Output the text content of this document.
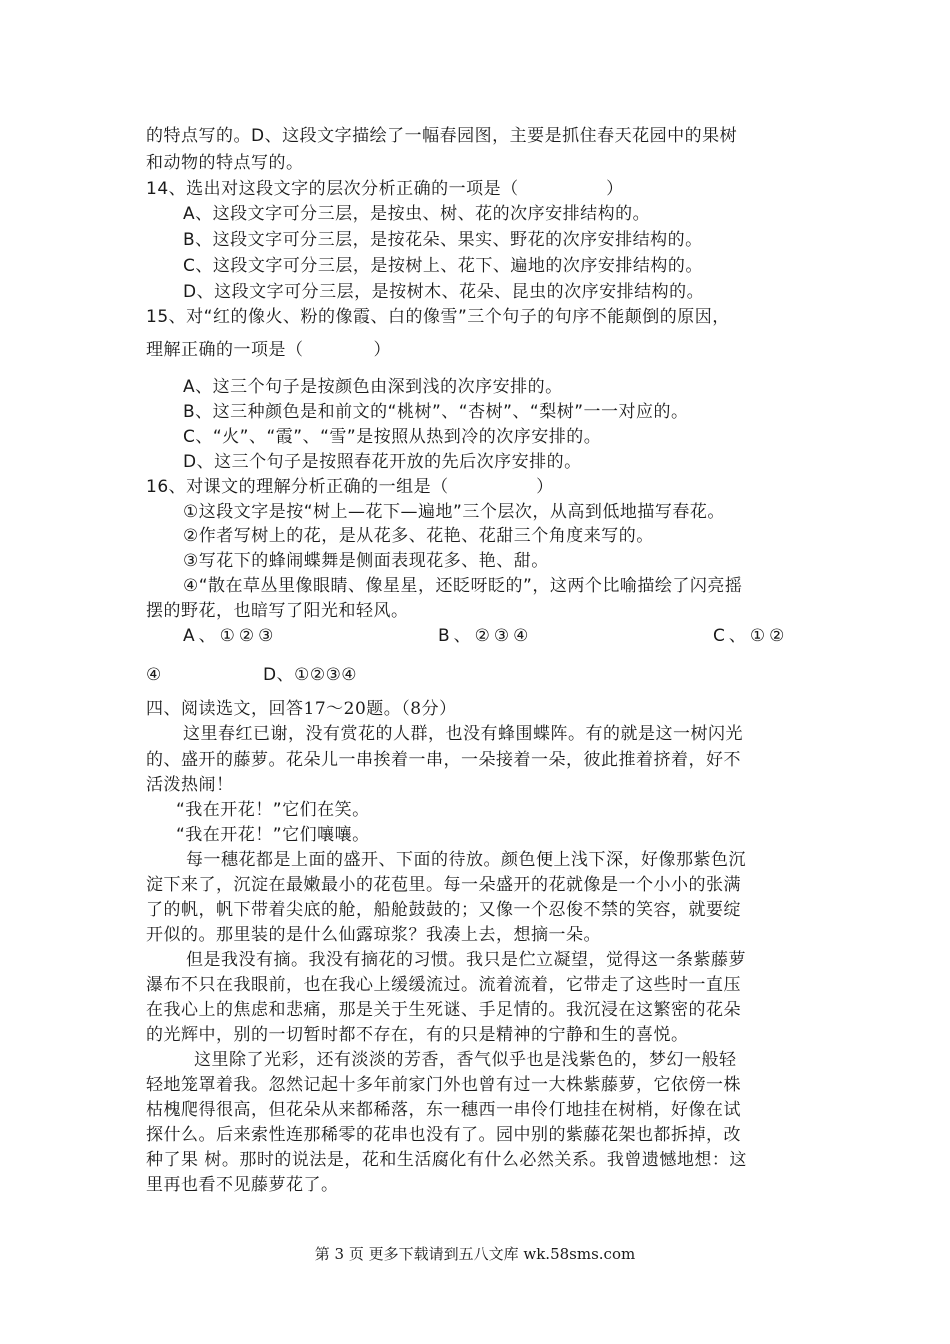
的特点写的。D、这段文字描绘了一幅春园图，主要是抓住春天花园中的果树
和动物的特点写的。
14、选出对这段文字的层次分析正确的一项是（　　　　　）
A、这段文字可分三层，是按虫、树、花的次序安排结构的。
B、这段文字可分三层，是按花朵、果实、野花的次序安排结构的。
C、这段文字可分三层，是按树上、花下、遍地的次序安排结构的。
D、这段文字可分三层，是按树木、花朵、昆虫的次序安排结构的。
15、对“红的像火、粉的像霞、白的像雪”三个句子的句序不能颠倒的原因，
理解正确的一项是（　　　　）
A、这三个句子是按颜色由深到浅的次序安排的。
B、这三种颜色是和前文的“桃树”、“杏树”、“梨树”一一对应的。
C、“火”、“霞”、“雪”是按照从热到冷的次序安排的。
D、这三个句子是按照春花开放的先后次序安排的。
16、对课文的理解分析正确的一组是（　　　　　）
①这段文字是按“树上—花下—遍地”三个层次，从高到低地描写春花。
②作者写树上的花，是从花多、花艳、花甜三个角度来写的。
③写花下的蜂闹蝶舞是侧面表现花多、艳、甜。
④“散在草丛里像眼睛、像星星，还眨呀眨的”，这两个比喻描绘了闪亮摇
摆的野花，也暗写了阳光和轻风。
A、①②③	B、②③④	C、①②
④	D、①②③④
四、阅读选文，回答17～20题。（8分）
这里春红已谢，没有赏花的人群，也没有蜂围蝶阵。有的就是这一树闪光
的、盛开的藤萝。花朵儿一串挨着一串，一朵接着一朵，彼此推着挤着，好不
活泼热闹！
“我在开花！”它们在笑。
“我在开花！”它们嚷嚷。
每一穗花都是上面的盛开、下面的待放。颜色便上浅下深，好像那紫色沉
淀下来了，沉淀在最嫩最小的花苞里。每一朵盛开的花就像是一个小小的张满
了的帆，帆下带着尖底的舱，船舱鼓鼓的；又像一个忍俊不禁的笑容，就要绽
开似的。那里装的是什么仙露琼浆？我凑上去，想摘一朵。
但是我没有摘。我没有摘花的习惯。我只是伫立凝望，觉得这一条紫藤萝
瀑布不只在我眼前，也在我心上缓缓流过。流着流着，它带走了这些时一直压
在我心上的焦虑和悲痛，那是关于生死谜、手足情的。我沉浸在这繁密的花朵
的光辉中，别的一切暂时都不存在，有的只是精神的宁静和生的喜悦。
这里除了光彩，还有淡淡的芳香，香气似乎也是浅紫色的，梦幻一般轻
轻地笼罩着我。忽然记起十多年前家门外也曾有过一大株紫藤萝，它依傍一株
枯槐爬得很高，但花朵从来都稀落，东一穗西一串伶仃地挂在树梢，好像在试
探什么。后来索性连那稀零的花串也没有了。园中别的紫藤花架也都拆掉，改
种了果 树。那时的说法是，花和生活腐化有什么必然关系。我曾遗憾地想：这
里再也看不见藤萝花了。
第 3 页 更多下载请到五八文库 wk.58sms.com
